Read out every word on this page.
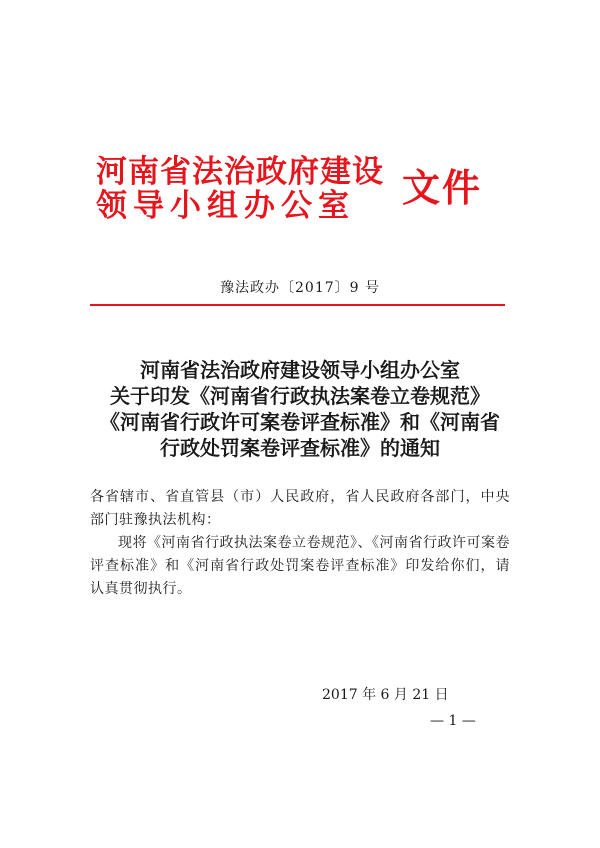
河南省法治政府建设
领导小组办公室 文件
豫法政办〔2017〕9 号
河南省法治政府建设领导小组办公室
关于印发《河南省行政执法案卷立卷规范》
《河南省行政许可案卷评查标准》和《河南省
行政处罚案卷评查标准》的通知

各省辖市、省直管县（市）人民政府，省人民政府各部门，中央部门驻豫执法机构：

现将《河南省行政执法案卷立卷规范》、《河南省行政许可案卷评查标准》和《河南省行政处罚案卷评查标准》印发给你们，请认真贯彻执行。

2017 年 6 月 21 日
— 1 —
